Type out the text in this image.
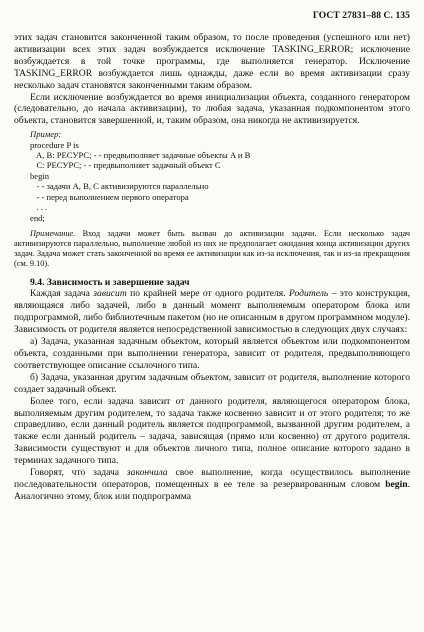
ГОСТ 27831–88 С. 135

этих задач становится законченной таким образом, то после проведения (успешного или нет) активизации всех этих задач возбуждается исключение TASKING_ERROR; исключение возбуждается в той точке программы, где выполняется генератор. Исключение TASKING_ERROR возбуждается лишь однажды, даже если во время активизации сразу несколько задач становятся законченными таким образом.

Если исключение возбуждается во время инициализации объекта, созданного генератором (следовательно, до начала активизации), то любая задача, указанная подкомпонентом этого объекта, становится завершенной, и, таким образом, она никогда не активизируется.

Пример:
procedure P is
A, B: РЕСУРС; - - предвыполняет задачные объекты A и B
C: РЕСУРС; - - предвыполняет задачный объект C
begin
- - задачи A, B, C активизируются параллельно
- - перед выполнением первого оператора
. . .
end;

Примечание. Вход задачи может быть вызван до активизации задачи. Если несколько задач активизируются параллельно, выполнение любой из них не предполагает ожидания конца активизации других задач. Задача может стать законченной во время ее активизации как из-за исключения, так и из-за прекращения (см. 9.10).

9.4. Зависимость и завершение задач

Каждая задача зависит по крайней мере от одного родителя. Родитель – это конструкция, являющаяся либо задачей, либо в данный момент выполняемым оператором блока или подпрограммой, либо библиотечным пакетом (но не описанным в другом программном модуле). Зависимость от родителя является непосредственной зависимостью в следующих двух случаях:

а) Задача, указанная задачным объектом, который является объектом или подкомпонентом объекта, созданными при выполнении генератора, зависит от родителя, предвыполняющего соответствующее описание ссылочного типа.

б) Задача, указанная другим задачным объектом, зависит от родителя, выполнение которого создает задачный объект.

Более того, если задача зависит от данного родителя, являющегося оператором блока, выполняемым другим родителем, то задача также косвенно зависит и от этого родителя; то же справедливо, если данный родитель является подпрограммой, вызванной другим родителем, а также если данный родитель – задача, зависящая (прямо или косвенно) от другого родителя. Зависимости существуют и для объектов личного типа, полное описание которого задано в терминах задачного типа.

Говорят, что задача закончила свое выполнение, когда осуществилось выполнение последовательности операторов, помещенных в ее теле за резервированным словом begin. Аналогично этому, блок или подпрограмма
